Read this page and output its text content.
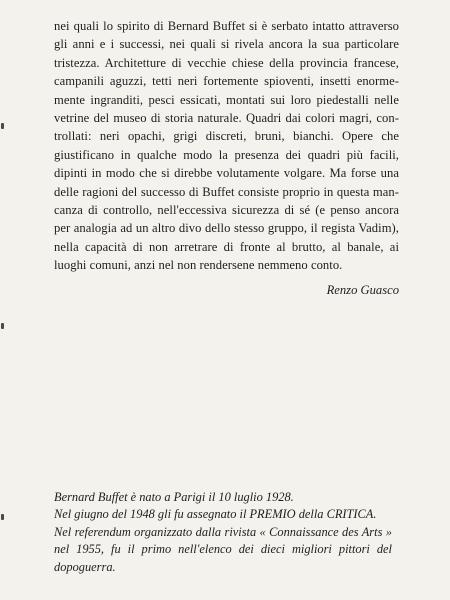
nei quali lo spirito di Bernard Buffet si è serbato intatto attraverso
gli anni e i successi, nei quali si rivela ancora la sua particolare
tristezza. Architetture di vecchie chiese della provincia francese,
campanili aguzzi, tetti neri fortemente spioventi, insetti enorme-
mente ingranditi, pesci essicati, montati sui loro piedestalli nelle
vetrine del museo di storia naturale. Quadri dai colori magri, con-
trollati: neri opachi, grigi discreti, bruni, bianchi. Opere che
giustificano in qualche modo la presenza dei quadri più facili,
dipinti in modo che si direbbe volutamente volgare. Ma forse una
delle ragioni del successo di Buffet consiste proprio in questa man-
canza di controllo, nell'eccessiva sicurezza di sé (e penso ancora
per analogia ad un altro divo dello stesso gruppo, il regista Vadim),
nella capacità di non arretrare di fronte al brutto, al banale, ai
luoghi comuni, anzi nel non rendersene nemmeno conto.
Renzo Guasco
Bernard Buffet è nato a Parigi il 10 luglio 1928.
Nel giugno del 1948 gli fu assegnato il PREMIO della CRITICA.
Nel referendum organizzato dalla rivista « Connaissance des Arts »
nel 1955, fu il primo nell'elenco dei dieci migliori pittori del
dopoguerra.
